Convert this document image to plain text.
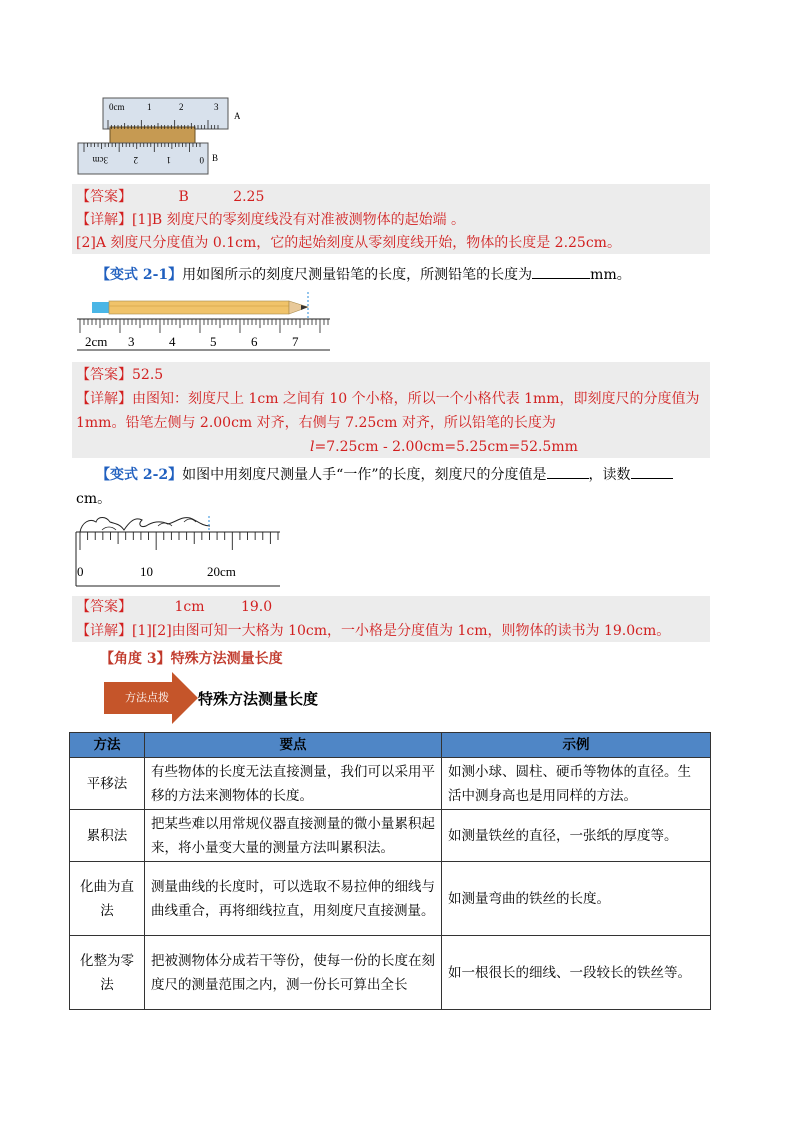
0cm	1	2	3
A
3cm	2	1	0 B
【答案】	B	2.25
【详解】[1]B 刻度尺的零刻度线没有对准被测物体的起始端 。
[2]A 刻度尺分度值为 0.1cm，它的起始刻度从零刻度线开始，物体的长度是 2.25cm。
【变式 2-1】用如图所示的刻度尺测量铅笔的长度，所测铅笔的长度为	mm。
2cm 3	4	5	6	7
【答案】52.5
【详解】由图知：刻度尺上 1cm 之间有 10 个小格，所以一个小格代表 1mm，即刻度尺的分度值为
1mm。铅笔左侧与 2.00cm 对齐，右侧与 7.25cm 对齐，所以铅笔的长度为
l=7.25cm - 2.00cm=5.25cm=52.5mm
【变式 2-2】如图中用刻度尺测量人手“一作”的长度，刻度尺的分度值是	，读数
cm。
0	10	20cm
【答案】	1cm	19.0
【详解】[1][2]由图可知一大格为 10cm，一小格是分度值为 1cm，则物体的读书为 19.0cm。
【角度 3】特殊方法测量长度
方法点拨	特殊方法测量长度
方法	要点	示例
平移法	有些物体的长度无法直接测量，我们可以采用平移的方法来测物体的长度。	如测小球、圆柱、硬币等物体的直径。生活中测身高也是用同样的方法。
累积法	把某些难以用常规仪器直接测量的微小量累积起来，将小量变大量的测量方法叫累积法。	如测量铁丝的直径，一张纸的厚度等。
化曲为直法	测量曲线的长度时，可以选取不易拉伸的细线与曲线重合，再将细线拉直，用刻度尺直接测量。	如测量弯曲的铁丝的长度。
化整为零法	把被测物体分成若干等份，使每一份的长度在刻度尺的测量范围之内，测一份长可算出全长	如一根很长的细线、一段较长的铁丝等。
